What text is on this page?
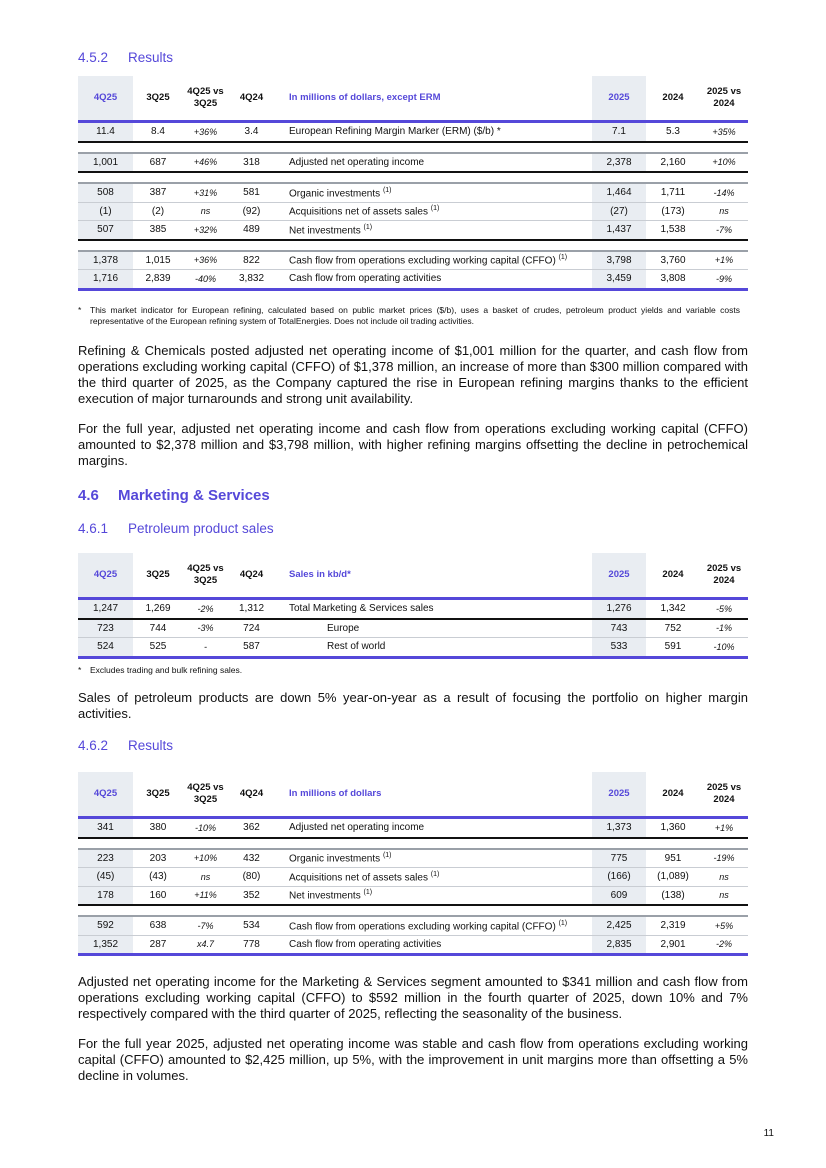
4.5.2 Results
4Q25	3Q25	4Q25 vs 3Q25	4Q24	In millions of dollars, except ERM	2025	2024	2025 vs 2024
11.4	8.4	+36%	3.4	European Refining Margin Marker (ERM) ($/b) *	7.1	5.3	+35%

1,001	687	+46%	318	Adjusted net operating income	2,378	2,160	+10%

508	387	+31%	581	Organic investments $^{(1)}$	1,464	1,711	-14%
(1)	(2)	ns	(92)	Acquisitions net of assets sales $^{(1)}$	(27)	(173)	ns
507	385	+32%	489	Net investments $^{(1)}$	1,437	1,538	-7%

1,378	1,015	+36%	822	Cash flow from operations excluding working capital (CFFO) $^{(1)}$	3,798	3,760	+1%
1,716	2,839	-40%	3,832	Cash flow from operating activities	3,459	3,808	-9%
* This market indicator for European refining, calculated based on public market prices ($/b), uses a basket of crudes, petroleum product yields and variable costs representative of the European refining system of TotalEnergies. Does not include oil trading activities.

Refining & Chemicals posted adjusted net operating income of $1,001 million for the quarter, and cash flow from operations excluding working capital (CFFO) of $1,378 million, an increase of more than $300 million compared with the third quarter of 2025, as the Company captured the rise in European refining margins thanks to the efficient execution of major turnarounds and strong unit availability.

For the full year, adjusted net operating income and cash flow from operations excluding working capital (CFFO) amounted to $2,378 million and $3,798 million, with higher refining margins offsetting the decline in petrochemical margins.

4.6 Marketing & Services
4.6.1 Petroleum product sales
4Q25	3Q25	4Q25 vs 3Q25	4Q24	Sales in kb/d*	2025	2024	2025 vs 2024
1,247	1,269	-2%	1,312	Total Marketing & Services sales	1,276	1,342	-5%
723	744	-3%	724	Europe	743	752	-1%
524	525	-	587	Rest of world	533	591	-10%
* Excludes trading and bulk refining sales.

Sales of petroleum products are down 5% year-on-year as a result of focusing the portfolio on higher margin activities.

4.6.2 Results
4Q25	3Q25	4Q25 vs 3Q25	4Q24	In millions of dollars	2025	2024	2025 vs 2024
341	380	-10%	362	Adjusted net operating income	1,373	1,360	+1%

223	203	+10%	432	Organic investments $^{(1)}$	775	951	-19%
(45)	(43)	ns	(80)	Acquisitions net of assets sales $^{(1)}$	(166)	(1,089)	ns
178	160	+11%	352	Net investments $^{(1)}$	609	(138)	ns

592	638	-7%	534	Cash flow from operations excluding working capital (CFFO) $^{(1)}$	2,425	2,319	+5%
1,352	287	x4.7	778	Cash flow from operating activities	2,835	2,901	-2%

Adjusted net operating income for the Marketing & Services segment amounted to $341 million and cash flow from operations excluding working capital (CFFO) to $592 million in the fourth quarter of 2025, down 10% and 7% respectively compared with the third quarter of 2025, reflecting the seasonality of the business.

For the full year 2025, adjusted net operating income was stable and cash flow from operations excluding working capital (CFFO) amounted to $2,425 million, up 5%, with the improvement in unit margins more than offsetting a 5% decline in volumes.

11
